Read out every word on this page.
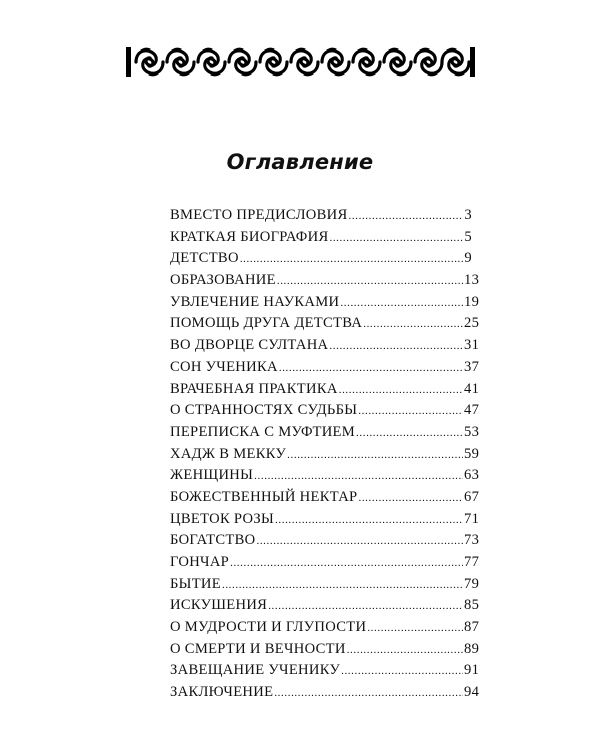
Оглавление
ВМЕСТО ПРЕДИСЛОВИЯ .....	3
КРАТКАЯ БИОГРАФИЯ .....	5
ДЕТСТВО .....	9
ОБРАЗОВАНИЕ .....	13
УВЛЕЧЕНИЕ НАУКАМИ .....	19
ПОМОЩЬ ДРУГА ДЕТСТВА .....	25
ВО ДВОРЦЕ СУЛТАНА .....	31
СОН УЧЕНИКА .....	37
ВРАЧЕБНАЯ ПРАКТИКА .....	41
О СТРАННОСТЯХ СУДЬБЫ .....	47
ПЕРЕПИСКА С МУФТИЕМ .....	53
ХАДЖ В МЕККУ .....	59
ЖЕНЩИНЫ .....	63
БОЖЕСТВЕННЫЙ НЕКТАР .....	67
ЦВЕТОК РОЗЫ .....	71
БОГАТСТВО .....	73
ГОНЧАР .....	77
БЫТИЕ .....	79
ИСКУШЕНИЯ .....	85
О МУДРОСТИ И ГЛУПОСТИ .....	87
О СМЕРТИ И ВЕЧНОСТИ .....	89
ЗАВЕЩАНИЕ УЧЕНИКУ .....	91
ЗАКЛЮЧЕНИЕ .....	94
